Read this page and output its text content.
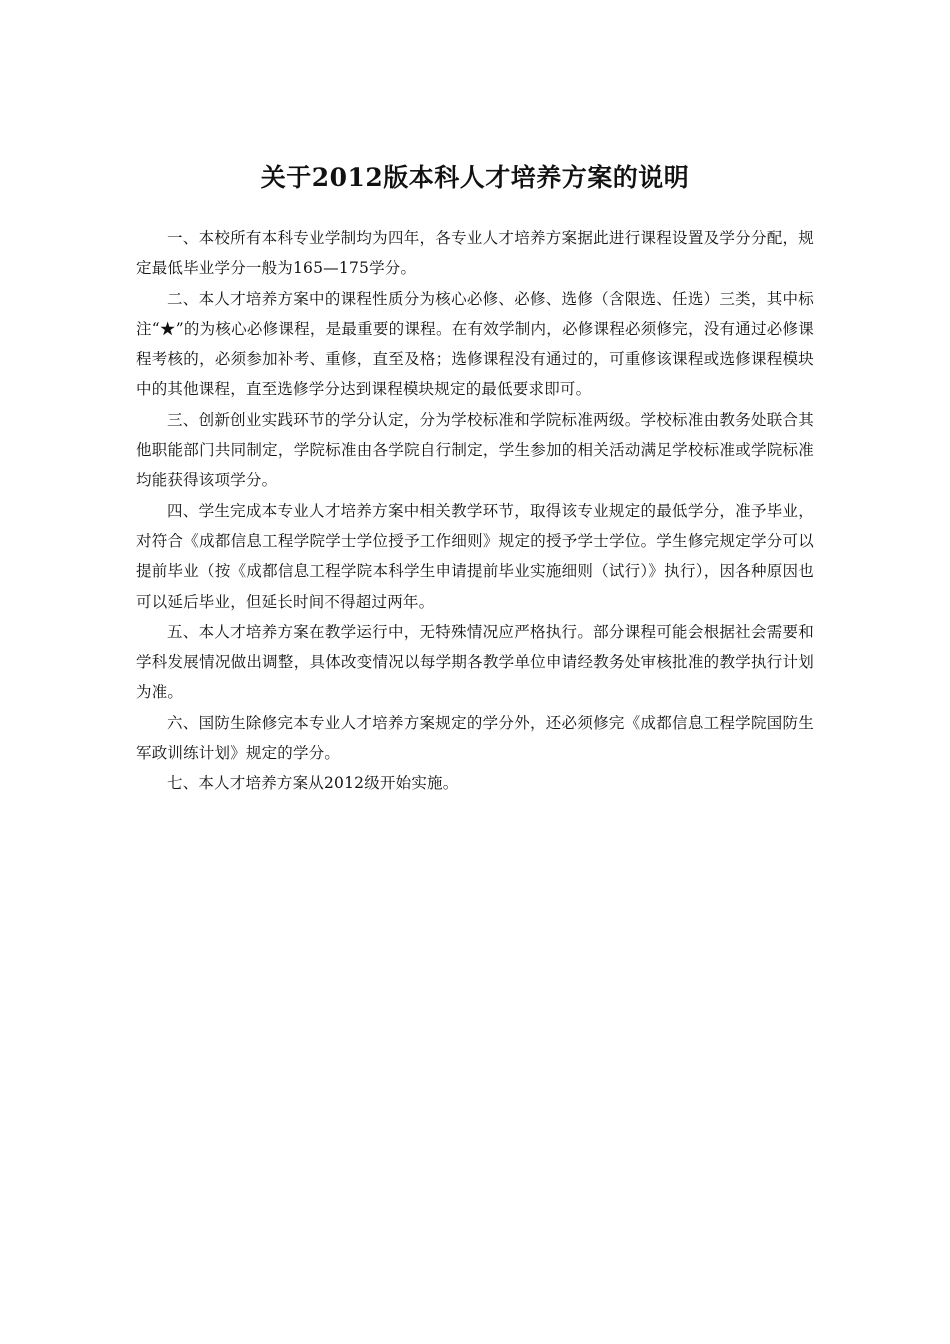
关于2012版本科人才培养方案的说明

一、本校所有本科专业学制均为四年，各专业人才培养方案据此进行课程设置及学分分配，规定最低毕业学分一般为165—175学分。

二、本人才培养方案中的课程性质分为核心必修、必修、选修（含限选、任选）三类，其中标注“★”的为核心必修课程，是最重要的课程。在有效学制内，必修课程必须修完，没有通过必修课程考核的，必须参加补考、重修，直至及格；选修课程没有通过的，可重修该课程或选修课程模块中的其他课程，直至选修学分达到课程模块规定的最低要求即可。

三、创新创业实践环节的学分认定，分为学校标准和学院标准两级。学校标准由教务处联合其他职能部门共同制定，学院标准由各学院自行制定，学生参加的相关活动满足学校标准或学院标准均能获得该项学分。

四、学生完成本专业人才培养方案中相关教学环节，取得该专业规定的最低学分，准予毕业，对符合《成都信息工程学院学士学位授予工作细则》规定的授予学士学位。学生修完规定学分可以提前毕业（按《成都信息工程学院本科学生申请提前毕业实施细则（试行）》执行），因各种原因也可以延后毕业，但延长时间不得超过两年。

五、本人才培养方案在教学运行中，无特殊情况应严格执行。部分课程可能会根据社会需要和学科发展情况做出调整，具体改变情况以每学期各教学单位申请经教务处审核批准的教学执行计划为准。

六、国防生除修完本专业人才培养方案规定的学分外，还必须修完《成都信息工程学院国防生军政训练计划》规定的学分。

七、本人才培养方案从2012级开始实施。
